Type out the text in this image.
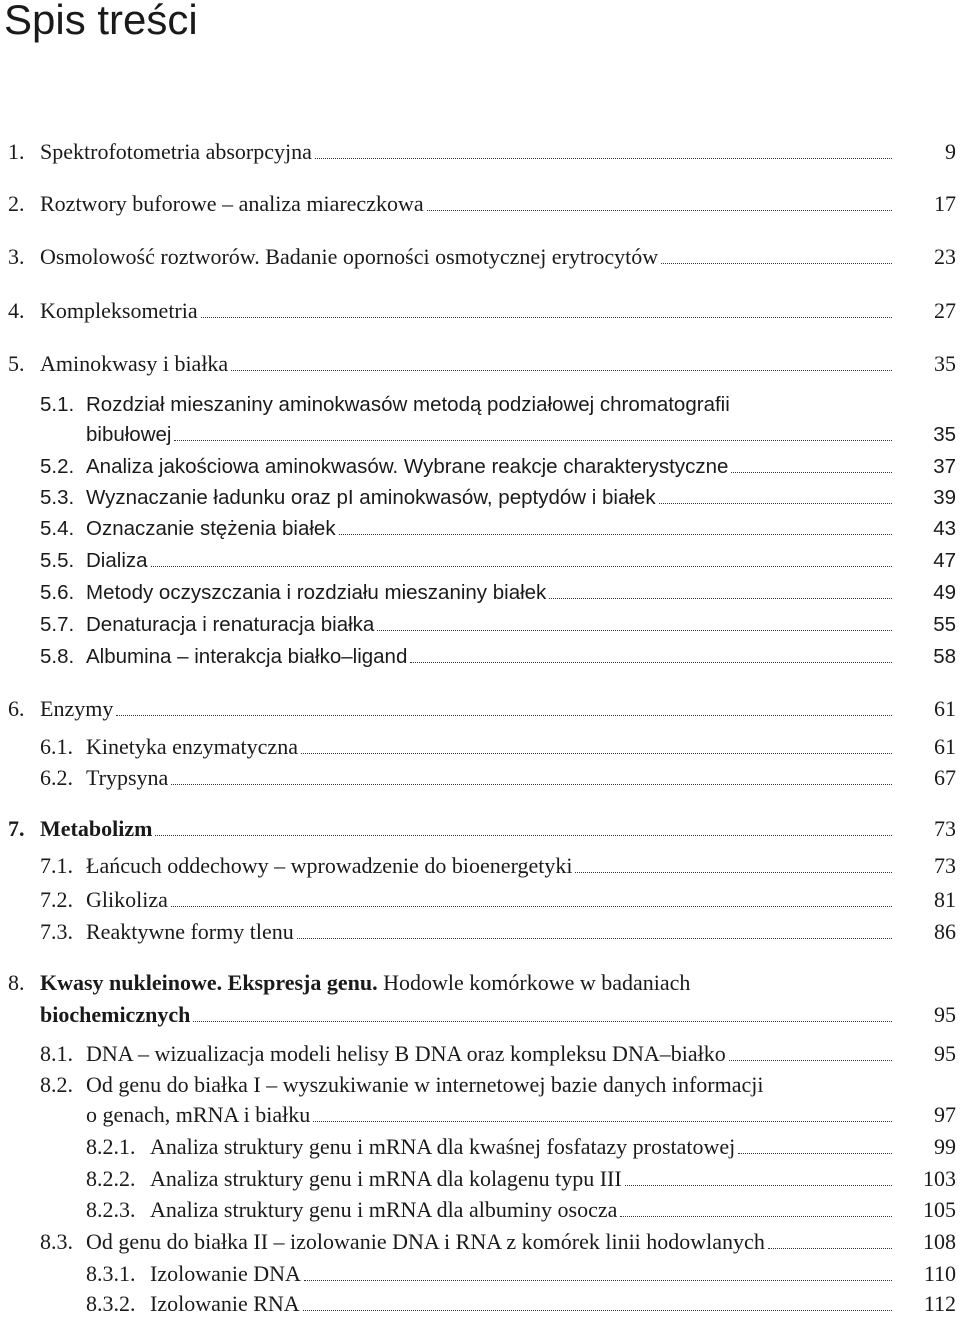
Spis treści
1. Spektrofotometria absorpcyjna	9
2. Roztwory buforowe – analiza miareczkowa	17
3. Osmolowość roztworów. Badanie oporności osmotycznej erytrocytów	23
4. Kompleksometria	27
5. Aminokwasy i białka	35
5.1. Rozdział mieszaniny aminokwasów metodą podziałowej chromatografii
bibułowej	35
5.2. Analiza jakościowa aminokwasów. Wybrane reakcje charakterystyczne	37
5.3. Wyznaczanie ładunku oraz pI aminokwasów, peptydów i białek	39
5.4. Oznaczanie stężenia białek	43
5.5. Dializa	47
5.6. Metody oczyszczania i rozdziału mieszaniny białek	49
5.7. Denaturacja i renaturacja białka	55
5.8. Albumina – interakcja białko–ligand	58
6. Enzymy	61
6.1. Kinetyka enzymatyczna	61
6.2. Trypsyna	67
7. Metabolizm	73
7.1. Łańcuch oddechowy – wprowadzenie do bioenergetyki	73
7.2. Glikoliza	81
7.3. Reaktywne formy tlenu	86
8. Kwasy nukleinowe. Ekspresja genu. Hodowle komórkowe w badaniach
biochemicznych	95
8.1. DNA – wizualizacja modeli helisy B DNA oraz kompleksu DNA–białko	95
8.2. Od genu do białka I – wyszukiwanie w internetowej bazie danych informacji
o genach, mRNA i białku	97
8.2.1. Analiza struktury genu i mRNA dla kwaśnej fosfatazy prostatowej	99
8.2.2. Analiza struktury genu i mRNA dla kolagenu typu III	103
8.2.3. Analiza struktury genu i mRNA dla albuminy osocza	105
8.3. Od genu do białka II – izolowanie DNA i RNA z komórek linii hodowlanych	108
8.3.1. Izolowanie DNA	110
8.3.2. Izolowanie RNA	112
